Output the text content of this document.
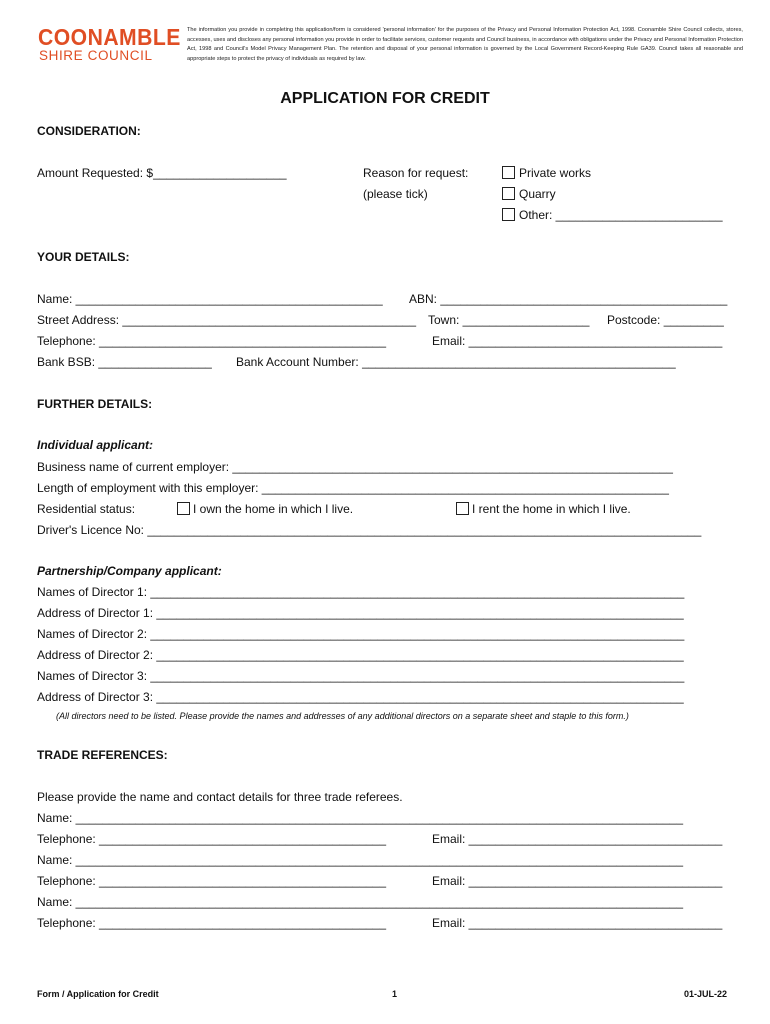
COONAMBLE
SHIRE COUNCIL
The information you provide in completing this application/form is considered 'personal information' for the purposes of the Privacy and Personal Information Protection Act, 1998. Coonamble Shire Council collects, stores, accesses, uses and discloses any personal information you provide in order to facilitate services, customer requests and Council business, in accordance with obligations under the Privacy and Personal Information Protection Act, 1998 and Council's Model Privacy Management Plan. The retention and disposal of your personal information is governed by the Local Government Record-Keeping Rule GA39. Council takes all reasonable and appropriate steps to protect the privacy of individuals as required by law.
APPLICATION FOR CREDIT
CONSIDERATION:
Amount Requested: $____________________	Reason for request:
(please tick)
Private works
Quarry
Other: _________________________
YOUR DETAILS:
Name: ______________________________________________ ABN: ___________________________________________
Street Address: ____________________________________________ Town: ___________________ Postcode: _________
Telephone: ___________________________________________	Email: ______________________________________
Bank BSB: _________________ Bank Account Number: _______________________________________________
FURTHER DETAILS:
Individual applicant:
Business name of current employer: __________________________________________________________________
Length of employment with this employer: _____________________________________________________________
Residential status:	I own the home in which I live.	I rent the home in which I live.
Driver's Licence No: ___________________________________________________________________________________
Partnership/Company applicant:
Names of Director 1: ________________________________________________________________________________
Address of Director 1: _______________________________________________________________________________
Names of Director 2: ________________________________________________________________________________
Address of Director 2: _______________________________________________________________________________
Names of Director 3: ________________________________________________________________________________
Address of Director 3: _______________________________________________________________________________
(All directors need to be listed. Please provide the names and addresses of any additional directors on a separate sheet and staple to this form.)
TRADE REFERENCES:
Please provide the name and contact details for three trade referees.
Name: ___________________________________________________________________________________________
Telephone: ___________________________________________	Email: ______________________________________
Name: ___________________________________________________________________________________________
Telephone: ___________________________________________	Email: ______________________________________
Name: ___________________________________________________________________________________________
Telephone: ___________________________________________	Email: ______________________________________
Form / Application for Credit	1	01-JUL-22
